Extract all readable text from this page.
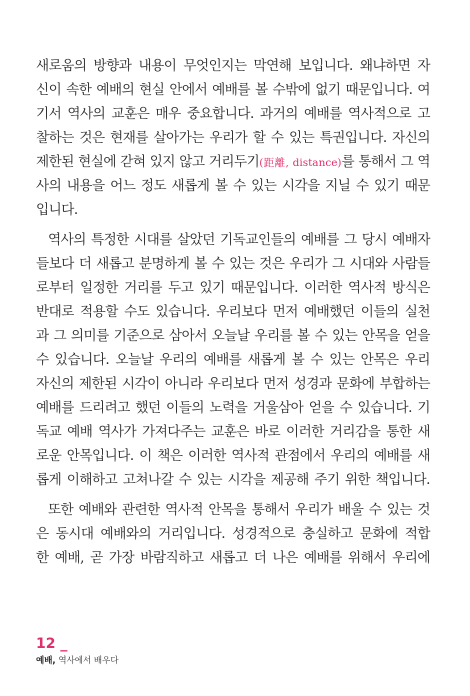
새로움의 방향과 내용이 무엇인지는 막연해 보입니다. 왜냐하면 자
신이 속한 예배의 현실 안에서 예배를 볼 수밖에 없기 때문입니다. 여
기서 역사의 교훈은 매우 중요합니다. 과거의 예배를 역사적으로 고
찰하는 것은 현재를 살아가는 우리가 할 수 있는 특권입니다. 자신의
제한된 현실에 갇혀 있지 않고 거리두기(距離, distance)를 통해서 그 역
사의 내용을 어느 정도 새롭게 볼 수 있는 시각을 지닐 수 있기 때문
입니다.
역사의 특정한 시대를 살았던 기독교인들의 예배를 그 당시 예배자
들보다 더 새롭고 분명하게 볼 수 있는 것은 우리가 그 시대와 사람들
로부터 일정한 거리를 두고 있기 때문입니다. 이러한 역사적 방식은
반대로 적용할 수도 있습니다. 우리보다 먼저 예배했던 이들의 실천
과 그 의미를 기준으로 삼아서 오늘날 우리를 볼 수 있는 안목을 얻을
수 있습니다. 오늘날 우리의 예배를 새롭게 볼 수 있는 안목은 우리
자신의 제한된 시각이 아니라 우리보다 먼저 성경과 문화에 부합하는
예배를 드리려고 했던 이들의 노력을 거울삼아 얻을 수 있습니다. 기
독교 예배 역사가 가져다주는 교훈은 바로 이러한 거리감을 통한 새
로운 안목입니다. 이 책은 이러한 역사적 관점에서 우리의 예배를 새
롭게 이해하고 고쳐나갈 수 있는 시각을 제공해 주기 위한 책입니다.
또한 예배와 관련한 역사적 안목을 통해서 우리가 배울 수 있는 것
은 동시대 예배와의 거리입니다. 성경적으로 충실하고 문화에 적합
한 예배, 곧 가장 바람직하고 새롭고 더 나은 예배를 위해서 우리에
12 _
예배, 역사에서 배우다
